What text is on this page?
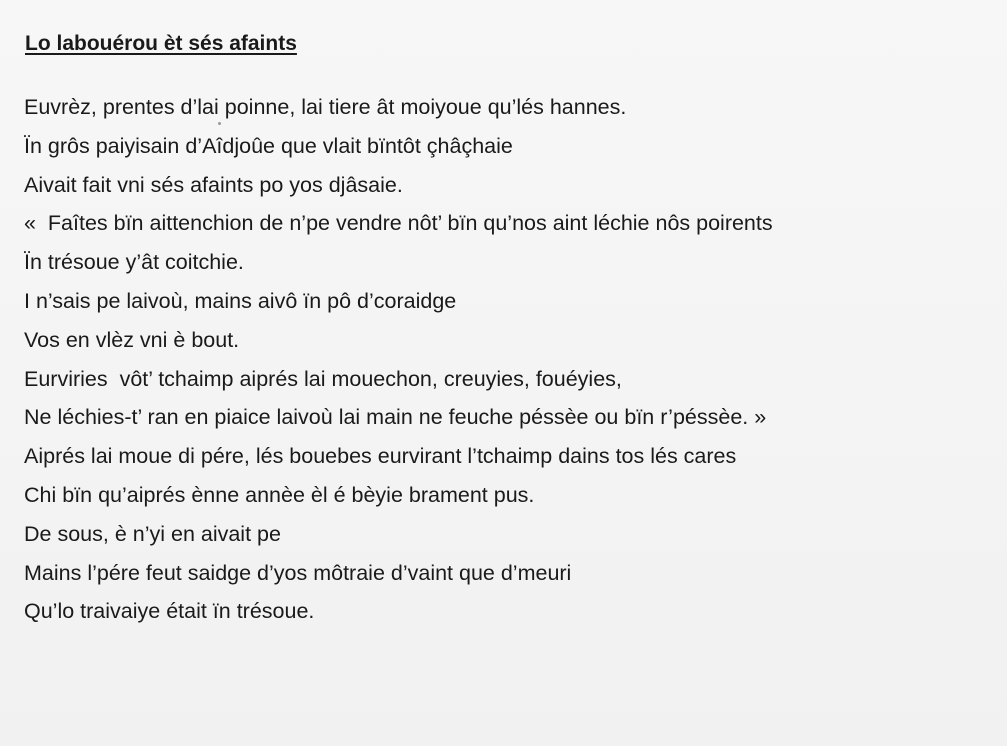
Lo labouérou èt sés afaints
Euvrèz, prentes d’lai poinne, lai tiere ât moiyoue qu’lés hannes.
Ïn grôs paiyisain d’Aîdjoûe que vlait bïntôt çhâçhaie
Aivait fait vni sés afaints po yos djâsaie.
«  Faîtes bïn aittenchion de n’pe vendre nôt’ bïn qu’nos aint léchie nôs poirents
Ïn trésoue y’ât coitchie.
I n’sais pe laivoù, mains aivô ïn pô d’coraidge
Vos en vlèz vni è bout.
Eurviries  vôt’ tchaimp aiprés lai mouechon, creuyies, fouéyies,
Ne léchies-t’ ran en piaice laivoù lai main ne feuche péssèe ou bïn r’péssèe. »
Aiprés lai moue di pére, lés bouebes eurvirant l’tchaimp dains tos lés cares
Chi bïn qu’aiprés ènne annèe èl é bèyie brament pus.
De sous, è n’yi en aivait pe
Mains l’pére feut saidge d’yos môtraie d’vaint que d’meuri
Qu’lo traivaiye était ïn trésoue.
